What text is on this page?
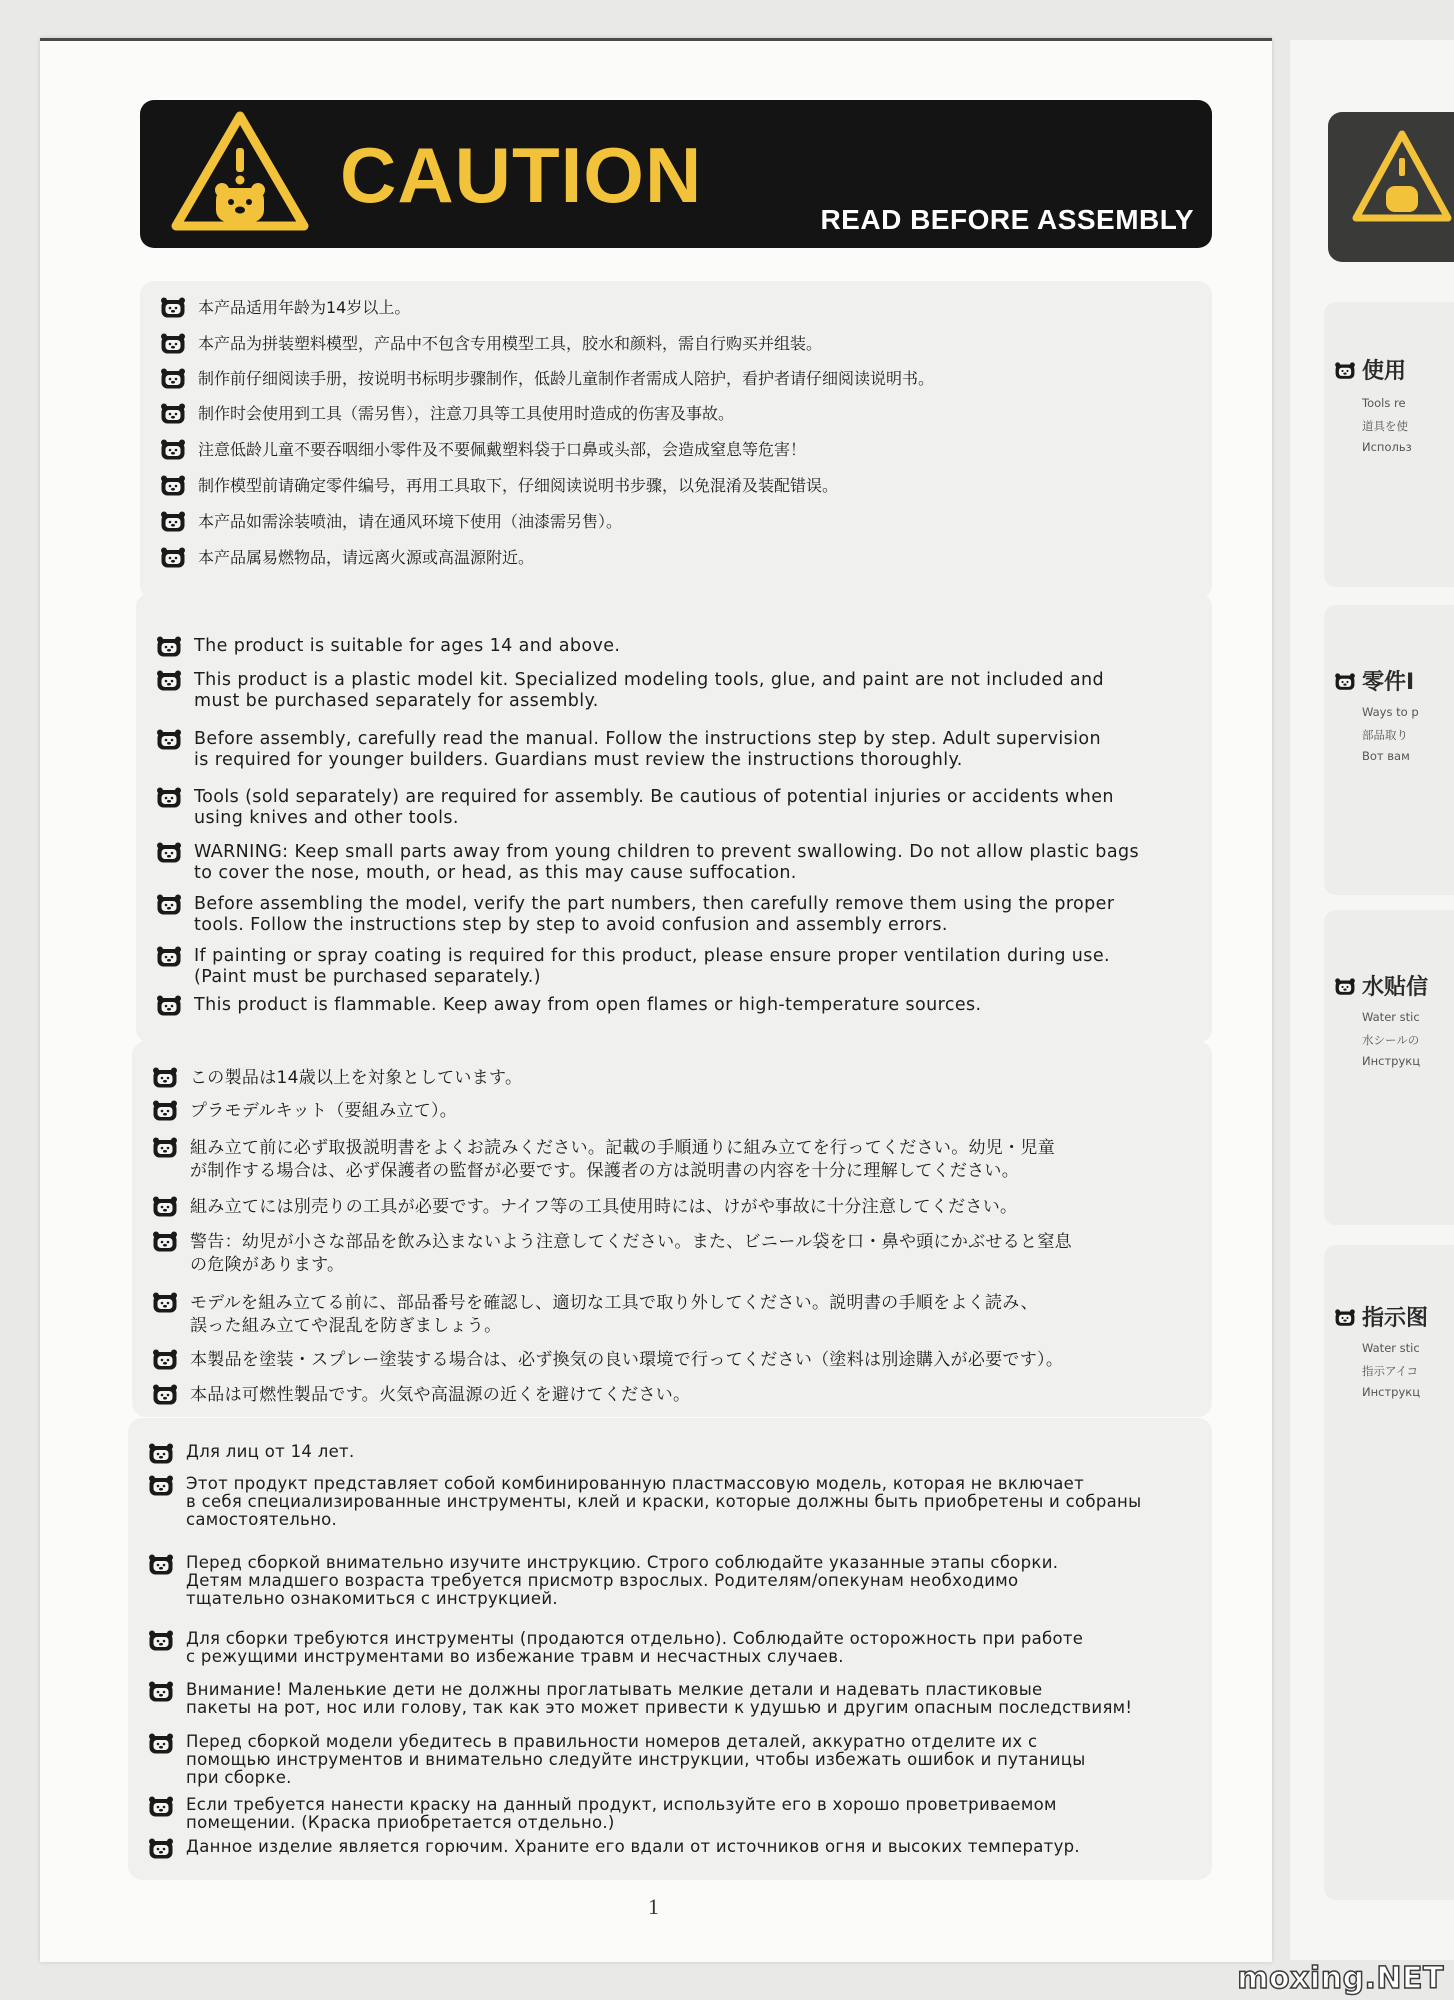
CAUTION
READ BEFORE ASSEMBLY
本产品适用年龄为14岁以上。
本产品为拼装塑料模型，产品中不包含专用模型工具，胶水和颜料，需自行购买并组装。
制作前仔细阅读手册，按说明书标明步骤制作，低龄儿童制作者需成人陪护，看护者请仔细阅读说明书。
制作时会使用到工具（需另售），注意刀具等工具使用时造成的伤害及事故。
注意低龄儿童不要吞咽细小零件及不要佩戴塑料袋于口鼻或头部，会造成窒息等危害！
制作模型前请确定零件编号，再用工具取下，仔细阅读说明书步骤，以免混淆及装配错误。
本产品如需涂装喷油，请在通风环境下使用（油漆需另售）。
本产品属易燃物品，请远离火源或高温源附近。
The product is suitable for ages 14 and above.
This product is a plastic model kit. Specialized modeling tools, glue, and paint are not included and
must be purchased separately for assembly.
Before assembly, carefully read the manual. Follow the instructions step by step. Adult supervision
is required for younger builders. Guardians must review the instructions thoroughly.
Tools (sold separately) are required for assembly. Be cautious of potential injuries or accidents when
using knives and other tools.
WARNING: Keep small parts away from young children to prevent swallowing. Do not allow plastic bags
to cover the nose, mouth, or head, as this may cause suffocation.
Before assembling the model, verify the part numbers, then carefully remove them using the proper
tools. Follow the instructions step by step to avoid confusion and assembly errors.
If painting or spray coating is required for this product, please ensure proper ventilation during use.
(Paint must be purchased separately.)
This product is flammable. Keep away from open flames or high-temperature sources.
この製品は14歳以上を対象としています。
プラモデルキット（要組み立て）。
組み立て前に必ず取扱説明書をよくお読みください。記載の手順通りに組み立てを行ってください。幼児・児童
が制作する場合は、必ず保護者の監督が必要です。保護者の方は説明書の内容を十分に理解してください。
組み立てには別売りの工具が必要です。ナイフ等の工具使用時には、けがや事故に十分注意してください。
警告：幼児が小さな部品を飲み込まないよう注意してください。また、ビニール袋を口・鼻や頭にかぶせると窒息
の危険があります。
モデルを組み立てる前に、部品番号を確認し、適切な工具で取り外してください。説明書の手順をよく読み、
誤った組み立てや混乱を防ぎましょう。
本製品を塗装・スプレー塗装する場合は、必ず換気の良い環境で行ってください（塗料は別途購入が必要です）。
本品は可燃性製品です。火気や高温源の近くを避けてください。
Для лиц от 14 лет.
Этот продукт представляет собой комбинированную пластмассовую модель, которая не включает
в себя специализированные инструменты, клей и краски, которые должны быть приобретены и собраны
самостоятельно.
Перед сборкой внимательно изучите инструкцию. Строго соблюдайте указанные этапы сборки.
Детям младшего возраста требуется присмотр взрослых. Родителям/опекунам необходимо
тщательно ознакомиться с инструкцией.
Для сборки требуются инструменты (продаются отдельно). Соблюдайте осторожность при работе
с режущими инструментами во избежание травм и несчастных случаев.
Внимание! Маленькие дети не должны проглатывать мелкие детали и надевать пластиковые
пакеты на рот, нос или голову, так как это может привести к удушью и другим опасным последствиям!
Перед сборкой модели убедитесь в правильности номеров деталей, аккуратно отделите их с
помощью инструментов и внимательно следуйте инструкции, чтобы избежать ошибок и путаницы
при сборке.
Если требуется нанести краску на данный продукт, используйте его в хорошо проветриваемом
помещении. (Краска приобретается отдельно.)
Данное изделие является горючим. Храните его вдали от источников огня и высоких температур.
1
使用
Tools re
道具を使
Использ
零件I
Ways to p
部品取り
Вот вам
水贴信
Water stic
水シールの
Инструкц
指示图
Water stic
指示アイコ
Инструкц
moxing.NET
